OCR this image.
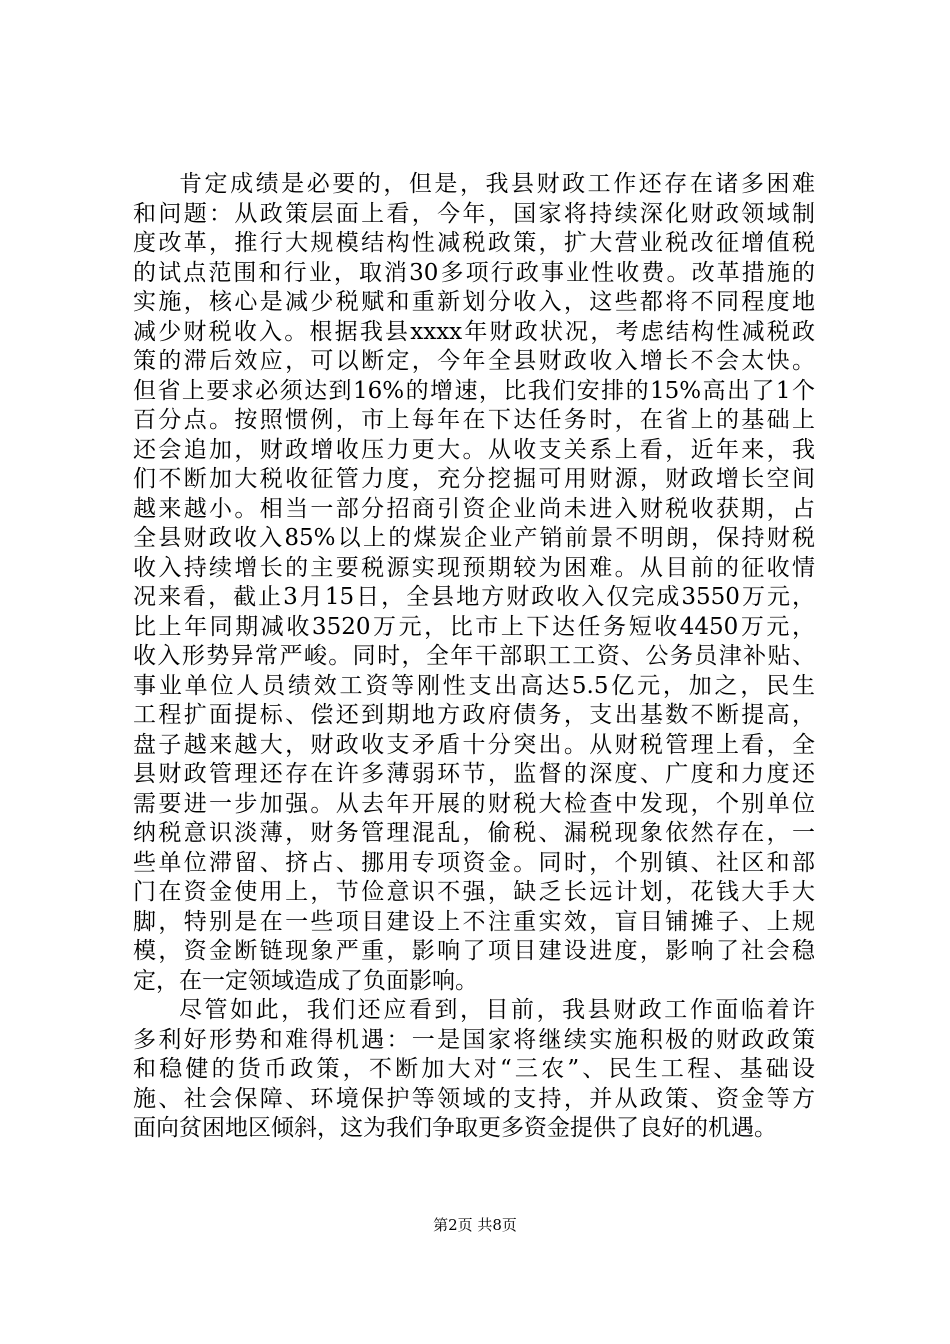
肯定成绩是必要的，但是，我县财政工作还存在诸多困难
和问题：从政策层面上看，今年，国家将持续深化财政领域制
度改革，推行大规模结构性减税政策，扩大营业税改征增值税
的试点范围和行业，取消30多项行政事业性收费。改革措施的
实施，核心是减少税赋和重新划分收入，这些都将不同程度地
减少财税收入。根据我县xxxx年财政状况，考虑结构性减税政
策的滞后效应，可以断定，今年全县财政收入增长不会太快。
但省上要求必须达到16%的增速，比我们安排的15%高出了1个
百分点。按照惯例，市上每年在下达任务时，在省上的基础上
还会追加，财政增收压力更大。从收支关系上看，近年来，我
们不断加大税收征管力度，充分挖掘可用财源，财政增长空间
越来越小。相当一部分招商引资企业尚未进入财税收获期，占
全县财政收入85%以上的煤炭企业产销前景不明朗，保持财税
收入持续增长的主要税源实现预期较为困难。从目前的征收情
况来看，截止3月15日，全县地方财政收入仅完成3550万元，
比上年同期减收3520万元，比市上下达任务短收4450万元，
收入形势异常严峻。同时，全年干部职工工资、公务员津补贴、
事业单位人员绩效工资等刚性支出高达5.5亿元，加之，民生
工程扩面提标、偿还到期地方政府债务，支出基数不断提高，
盘子越来越大，财政收支矛盾十分突出。从财税管理上看，全
县财政管理还存在许多薄弱环节，监督的深度、广度和力度还
需要进一步加强。从去年开展的财税大检查中发现，个别单位
纳税意识淡薄，财务管理混乱，偷税、漏税现象依然存在，一
些单位滞留、挤占、挪用专项资金。同时，个别镇、社区和部
门在资金使用上，节俭意识不强，缺乏长远计划，花钱大手大
脚，特别是在一些项目建设上不注重实效，盲目铺摊子、上规
模，资金断链现象严重，影响了项目建设进度，影响了社会稳
定，在一定领域造成了负面影响。
尽管如此，我们还应看到，目前，我县财政工作面临着许
多利好形势和难得机遇：一是国家将继续实施积极的财政政策
和稳健的货币政策，不断加大对“三农”、民生工程、基础设
施、社会保障、环境保护等领域的支持，并从政策、资金等方
面向贫困地区倾斜，这为我们争取更多资金提供了良好的机遇。
第2页 共8页
